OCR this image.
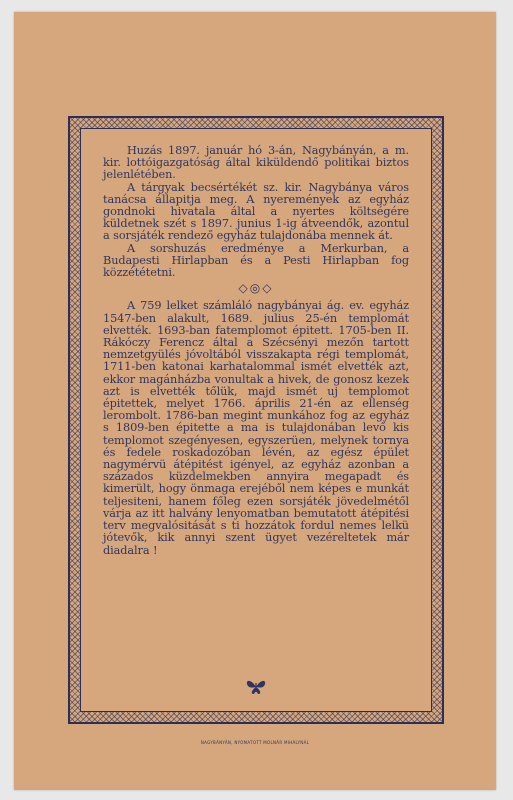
Huzás 1897. január hó 3-án, Nagybányán, a m. kir. lottóigazgatóság által kiküldendő politikai biztos jelenlétében.

A tárgyak becsértékét sz. kir. Nagybánya város tanácsa állapitja meg. A nyeremények az egyház gondnoki hivatala által a nyertes költségére küldetnek szét s 1897. junius 1-ig átveendők, azontul a sorsjáték rendező egyház tulajdonába mennek át.

A sorshuzás eredménye a Merkurban, a Budapesti Hirlapban és a Pesti Hirlapban fog közzététetni.

◇◎◇

A 759 lelket számláló nagybányai ág. ev. egyház 1547-ben alakult, 1689. julius 25-én templomát elvették. 1693-ban fatemplomot épitett. 1705-ben II. Rákóczy Ferencz által a Szécsényi mezőn tartott nemzetgyülés jóvoltából visszakapta régi templomát, 1711-ben katonai karhatalommal ismét elvették azt, ekkor magánházba vonultak a hivek, de gonosz kezek azt is elvették tőlük, majd ismét uj templomot épitettek, melyet 1766. április 21-én az ellenség lerombolt. 1786-ban megint munkához fog az egyház s 1809-ben épitette a ma is tulajdonában levő kis templomot szegényesen, egyszerüen, melynek tornya és fedele roskadozóban lévén, az egész épület nagymérvü átépitést igényel, az egyház azonban a százados küzdelmekben annyira megapadt és kimerült, hogy önmaga erejéből nem képes e munkát teljesiteni, hanem főleg ezen sorsjáték jövedelmétől várja az itt halvány lenyomatban bemutatott átépitési terv megvalósitását s ti hozzátok fordul nemes lelkü jótevők, kik annyi szent ügyet vezéreltetek már diadalra !

NAGYBÁNYÁN, NYOMATOTT MOLNÁR MIHÁLYNÁL
